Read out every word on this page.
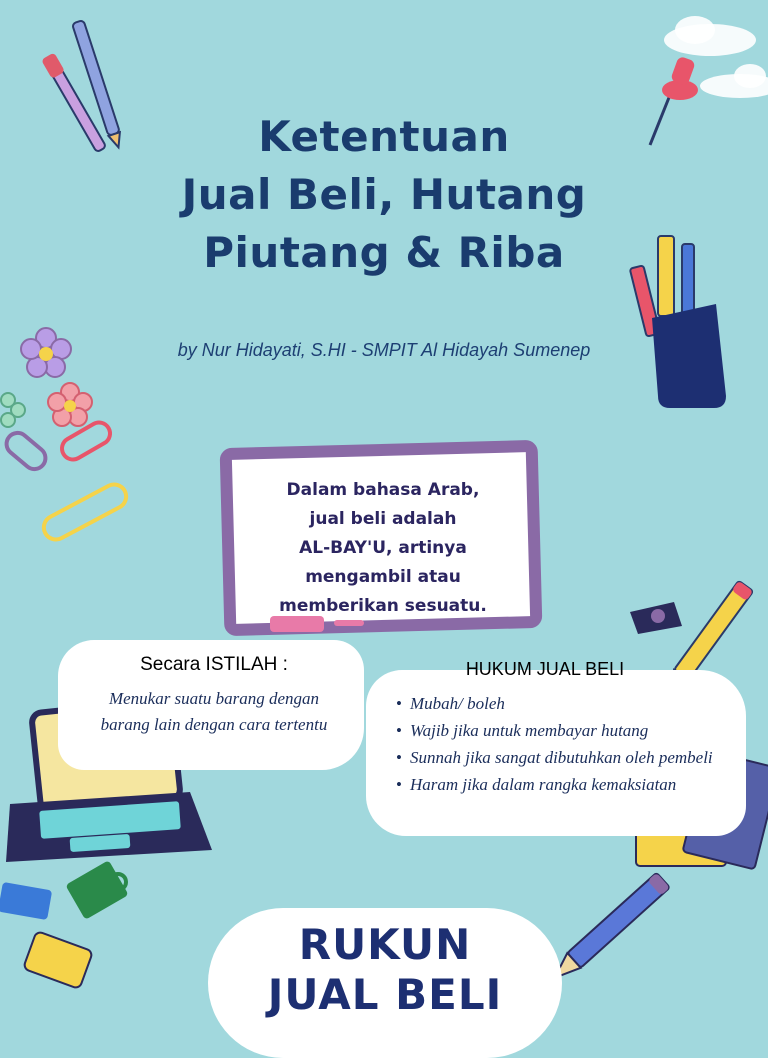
Ketentuan
Jual Beli, Hutang
Piutang & Riba
by Nur Hidayati, S.HI - SMPIT Al Hidayah Sumenep
Dalam bahasa Arab,
jual beli adalah
AL-BAY'U, artinya
mengambil atau
memberikan sesuatu.
Secara ISTILAH :
Menukar suatu barang dengan
barang lain dengan cara tertentu
HUKUM JUAL BELI
• Mubah/ boleh
• Wajib jika untuk membayar hutang
• Sunnah jika sangat dibutuhkan oleh pembeli
• Haram jika dalam rangka kemaksiatan
RUKUN
JUAL BELI
